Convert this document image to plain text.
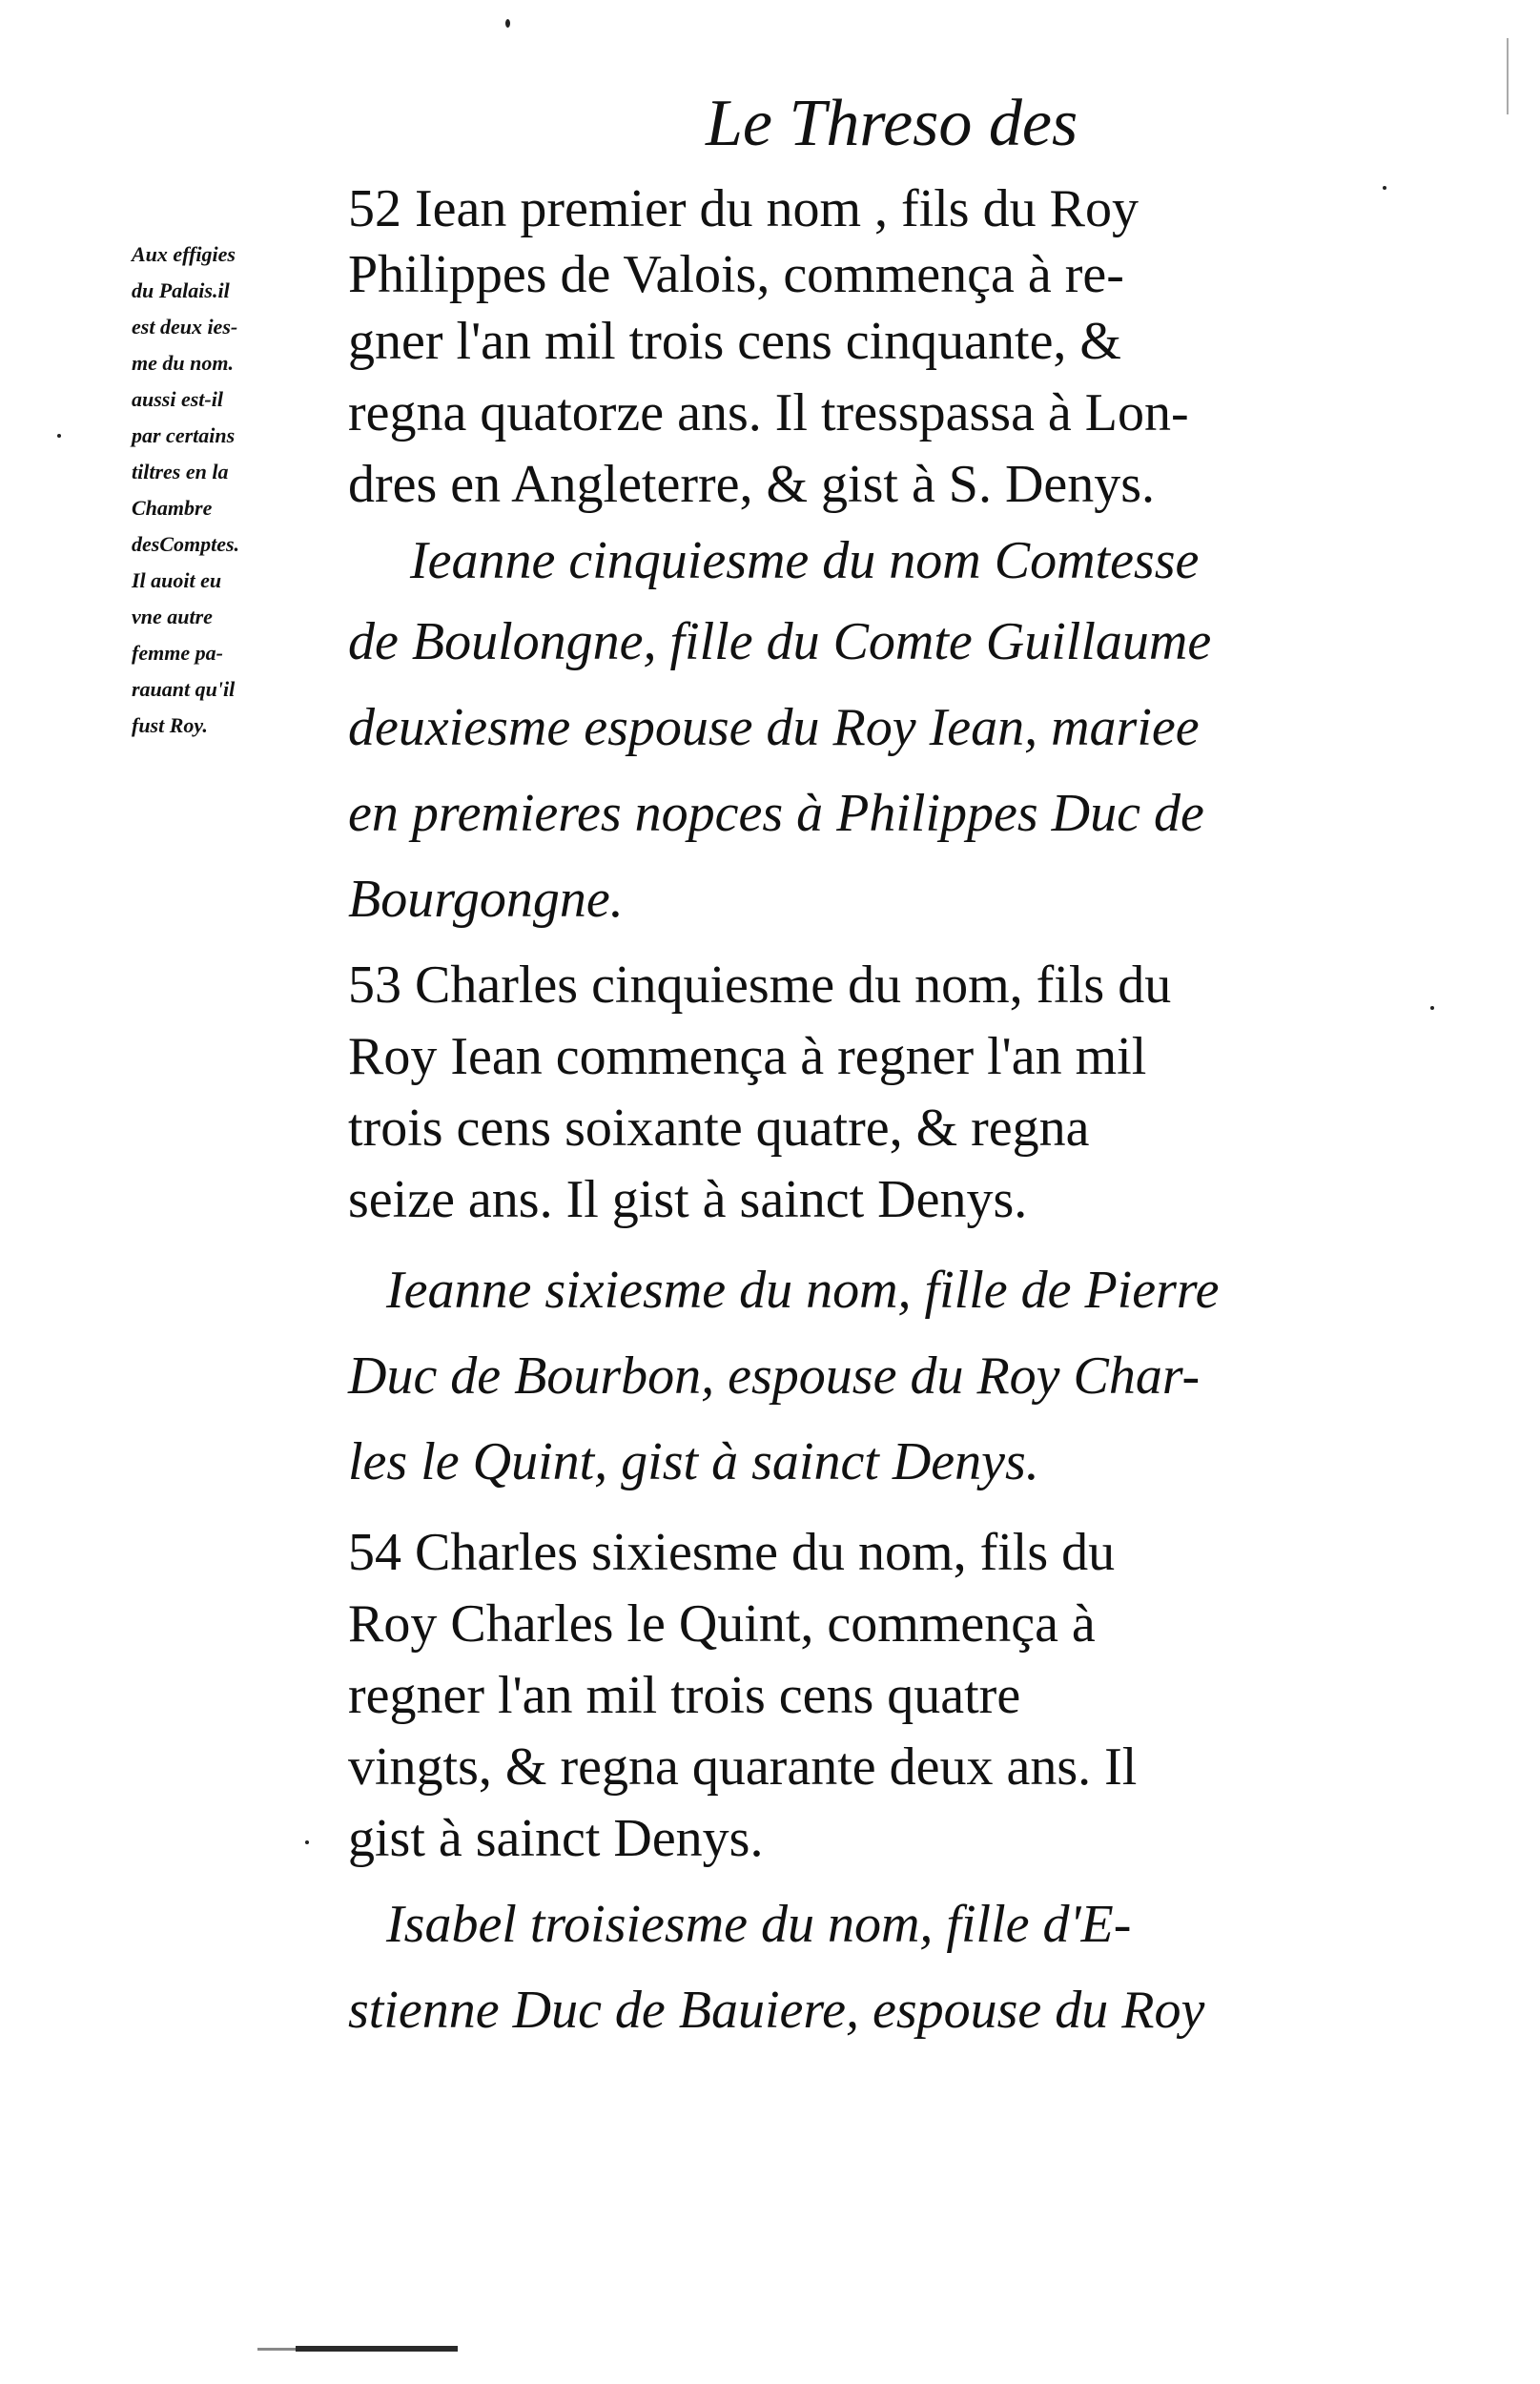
Le Threso des
Aux effigies
du Palais.il
est deux ies-
me du nom.
aussi est-il
par certains
tiltres en la
Chambre
desComptes.
Il auoit eu
vne autre
femme pa-
rauant qu'il
fust Roy.
52 Iean premier du nom , fils du Roy
Philippes de Valois, commença à re-
gner l'an mil trois cens cinquante, &
regna quatorze ans. Il tresspassa à Lon-
dres en Angleterre, & gist à S. Denys.
Ieanne cinquiesme du nom Comtesse
de Boulongne, fille du Comte Guillaume
deuxiesme espouse du Roy Iean, mariee
en premieres nopces à Philippes Duc de
Bourgongne.
53 Charles cinquiesme du nom, fils du
Roy Iean commença à regner l'an mil
trois cens soixante quatre, & regna
seize ans. Il gist à sainct Denys.
Ieanne sixiesme du nom, fille de Pierre
Duc de Bourbon, espouse du Roy Char-
les le Quint, gist à sainct Denys.
54 Charles sixiesme du nom, fils du
Roy Charles le Quint, commença à
regner l'an mil trois cens quatre
vingts, & regna quarante deux ans. Il
gist à sainct Denys.
Isabel troisiesme du nom, fille d'E-
stienne Duc de Bauiere, espouse du Roy
